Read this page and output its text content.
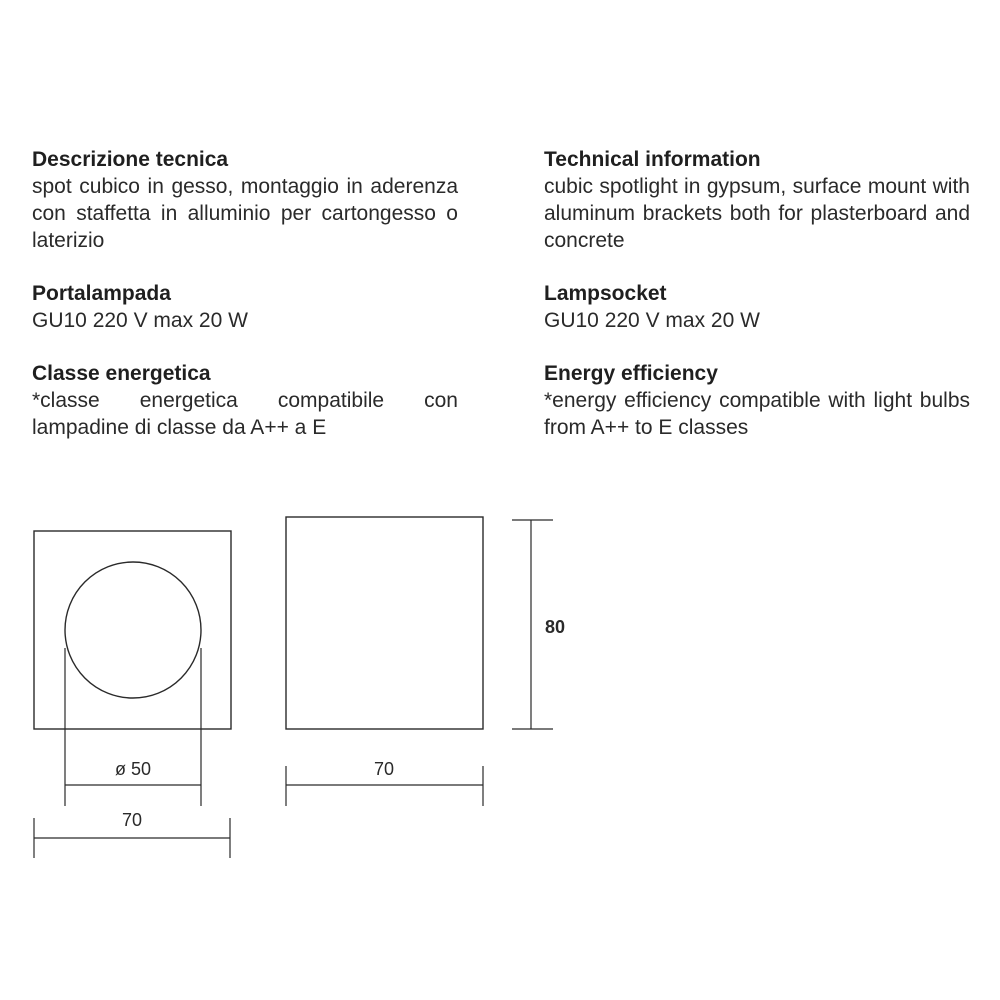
Descrizione tecnica

spot cubico in gesso, montaggio in aderenza con staffetta in alluminio per cartongesso o laterizio

Portalampada

GU10 220 V max 20 W

Classe energetica

*classe energetica compatibile con lampadine di classe da A++ a E

Technical information

cubic spotlight in gypsum, surface mount with aluminum brackets both for plasterboard and concrete

Lampsocket

GU10 220 V max 20 W

Energy efficiency

*energy efficiency compatible with light bulbs from A++ to E classes

ø 50
70
70
80
